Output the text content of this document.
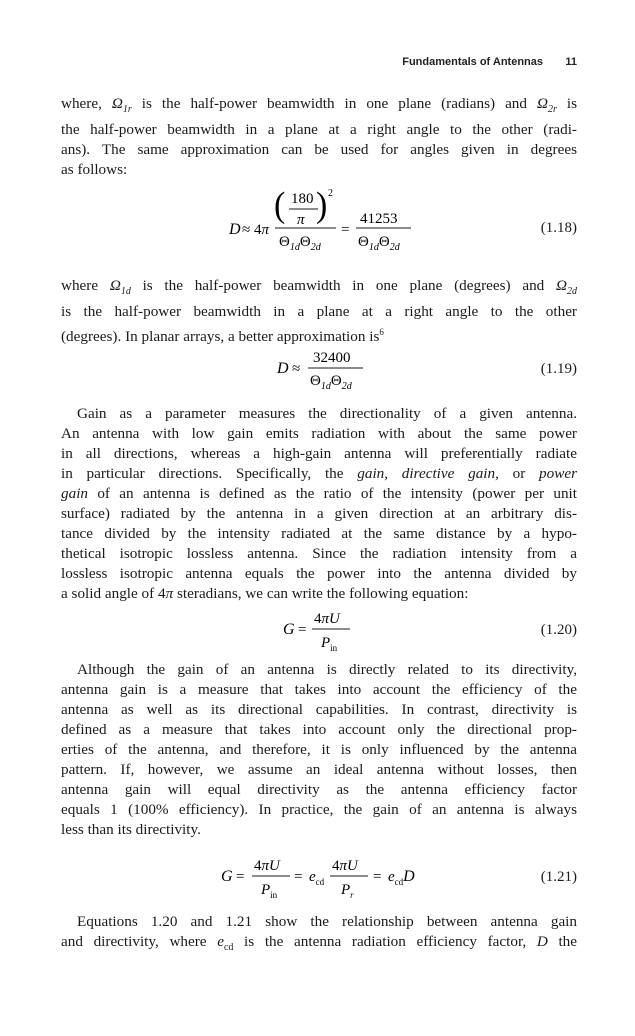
Fundamentals of Antennas 11
where, $\Omega_{1r}$ is the half-power beamwidth in one plane (radians) and $\Omega_{2r}$ is
the half-power beamwidth in a plane at a right angle to the other (radi-
ans). The same approximation can be used for angles given in degrees
as follows:
D ≈ 4π
( 180
π ) 2
$\Theta_{1d}\Theta_{2d}$
=
41253
$\Theta_{1d}\Theta_{2d}$
(1.18)
where $\Omega_{1d}$ is the half-power beamwidth in one plane (degrees) and $\Omega_{2d}$
is the half-power beamwidth in a plane at a right angle to the other
(degrees). In planar arrays, a better approximation $is^6$
D ≈
32400
$\Theta_{1d}\Theta_{2d}$
(1.19)
Gain as a parameter measures the directionality of a given antenna.
An antenna with low gain emits radiation with about the same power
in all directions, whereas a high-gain antenna will preferentially radiate
in particular directions. Specifically, the gain, directive gain, or power
gain of an antenna is defined as the ratio of the intensity (power per unit
surface) radiated by the antenna in a given direction at an arbitrary dis-
tance divided by the intensity radiated at the same distance by a hypo-
thetical isotropic lossless antenna. Since the radiation intensity from a
lossless isotropic antenna equals the power into the antenna divided by
a solid angle of 4π steradians, we can write the following equation:
G =
4πU
$P_{in}$
(1.20)
Although the gain of an antenna is directly related to its directivity,
antenna gain is a measure that takes into account the efficiency of the
antenna as well as its directional capabilities. In contrast, directivity is
defined as a measure that takes into account only the directional prop-
erties of the antenna, and therefore, it is only influenced by the antenna
pattern. If, however, we assume an ideal antenna without losses, then
antenna gain will equal directivity as the antenna efficiency factor
equals 1 (100% efficiency). In practice, the gain of an antenna is always
less than its directivity.
G =
4πU
$P_{in}$
= $e_{cd}$
4πU
$P_r$
= $e_{cd}D$	(1.21)
Equations 1.20 and 1.21 show the relationship between antenna gain
and directivity, where $e_{cd}$ is the antenna radiation efficiency factor, D the
